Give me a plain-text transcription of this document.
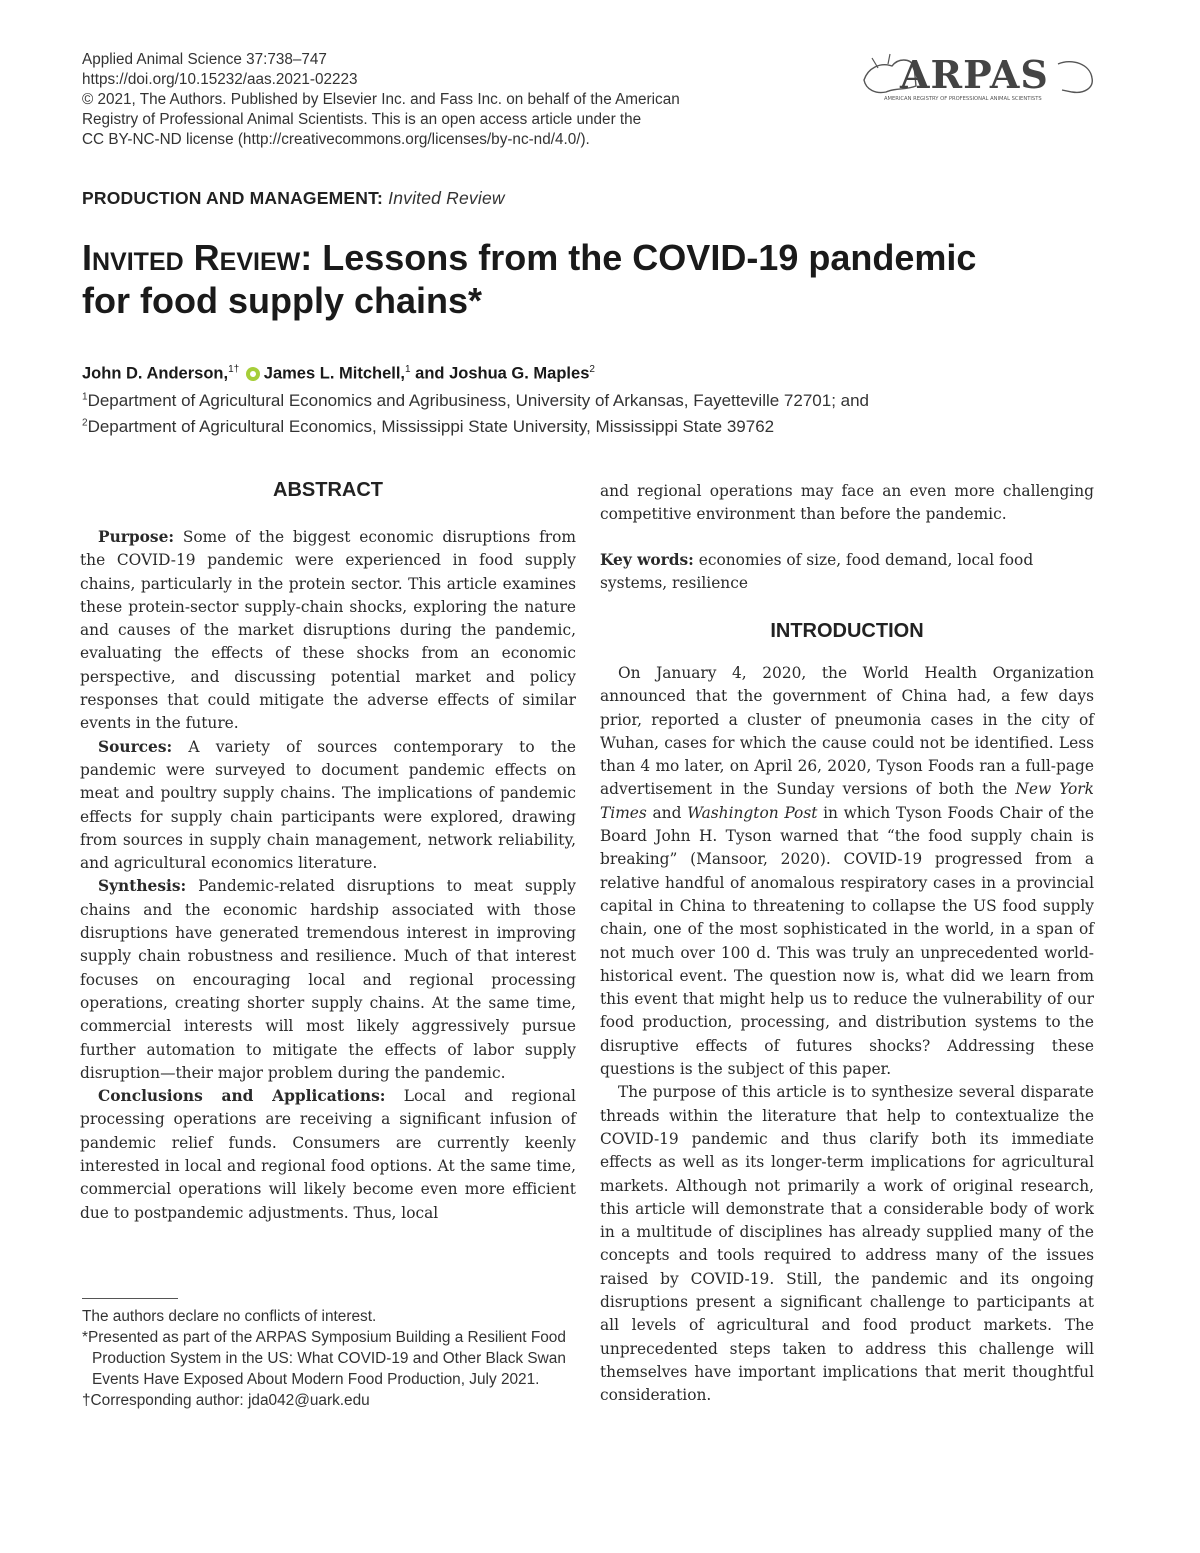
Applied Animal Science 37:738–747
https://doi.org/10.15232/aas.2021-02223
© 2021, The Authors. Published by Elsevier Inc. and Fass Inc. on behalf of the American
Registry of Professional Animal Scientists. This is an open access article under the
CC BY-NC-ND license (http://creativecommons.org/licenses/by-nc-nd/4.0/).
ARPAS
AMERICAN REGISTRY OF PROFESSIONAL ANIMAL SCIENTISTS
PRODUCTION AND MANAGEMENT: Invited Review
Invited Review: Lessons from the COVID-19 pandemic
for food supply chains*
John D. Anderson,$^{1\dagger}$ James L. Mitchell,$^1$ and Joshua G. Maples$^2$
$^1$Department of Agricultural Economics and Agribusiness, University of Arkansas, Fayetteville 72701; and
$^2$Department of Agricultural Economics, Mississippi State University, Mississippi State 39762
ABSTRACT

Purpose: Some of the biggest economic disruptions from the COVID-19 pandemic were experienced in food supply chains, particularly in the protein sector. This article examines these protein-sector supply-chain shocks, exploring the nature and causes of the market disruptions during the pandemic, evaluating the effects of these shocks from an economic perspective, and discussing potential market and policy responses that could mitigate the adverse effects of similar events in the future.

Sources: A variety of sources contemporary to the pandemic were surveyed to document pandemic effects on meat and poultry supply chains. The implications of pandemic effects for supply chain participants were explored, drawing from sources in supply chain management, network reliability, and agricultural economics literature.

Synthesis: Pandemic-related disruptions to meat supply chains and the economic hardship associated with those disruptions have generated tremendous interest in improving supply chain robustness and resilience. Much of that interest focuses on encouraging local and regional processing operations, creating shorter supply chains. At the same time, commercial interests will most likely aggressively pursue further automation to mitigate the effects of labor supply disruption—their major problem during the pandemic.

Conclusions and Applications: Local and regional processing operations are receiving a significant infusion of pandemic relief funds. Consumers are currently keenly interested in local and regional food options. At the same time, commercial operations will likely become even more efficient due to postpandemic adjustments. Thus, local

and regional operations may face an even more challenging competitive environment than before the pandemic.

Key words: economies of size, food demand, local food systems, resilience

INTRODUCTION

On January 4, 2020, the World Health Organization announced that the government of China had, a few days prior, reported a cluster of pneumonia cases in the city of Wuhan, cases for which the cause could not be identified. Less than 4 mo later, on April 26, 2020, Tyson Foods ran a full-page advertisement in the Sunday versions of both the New York Times and Washington Post in which Tyson Foods Chair of the Board John H. Tyson warned that “the food supply chain is breaking” (Mansoor, 2020). COVID-19 progressed from a relative handful of anomalous respiratory cases in a provincial capital in China to threatening to collapse the US food supply chain, one of the most sophisticated in the world, in a span of not much over 100 d. This was truly an unprecedented world-historical event. The question now is, what did we learn from this event that might help us to reduce the vulnerability of our food production, processing, and distribution systems to the disruptive effects of futures shocks? Addressing these questions is the subject of this paper.

The purpose of this article is to synthesize several disparate threads within the literature that help to contextualize the COVID-19 pandemic and thus clarify both its immediate effects as well as its longer-term implications for agricultural markets. Although not primarily a work of original research, this article will demonstrate that a considerable body of work in a multitude of disciplines has already supplied many of the concepts and tools required to address many of the issues raised by COVID-19. Still, the pandemic and its ongoing disruptions present a significant challenge to participants at all levels of agricultural and food product markets. The unprecedented steps taken to address this challenge will themselves have important implications that merit thoughtful consideration.

The authors declare no conflicts of interest.
*Presented as part of the ARPAS Symposium Building a Resilient Food Production System in the US: What COVID-19 and Other Black Swan Events Have Exposed About Modern Food Production, July 2021.
†Corresponding author: jda042@uark.edu
